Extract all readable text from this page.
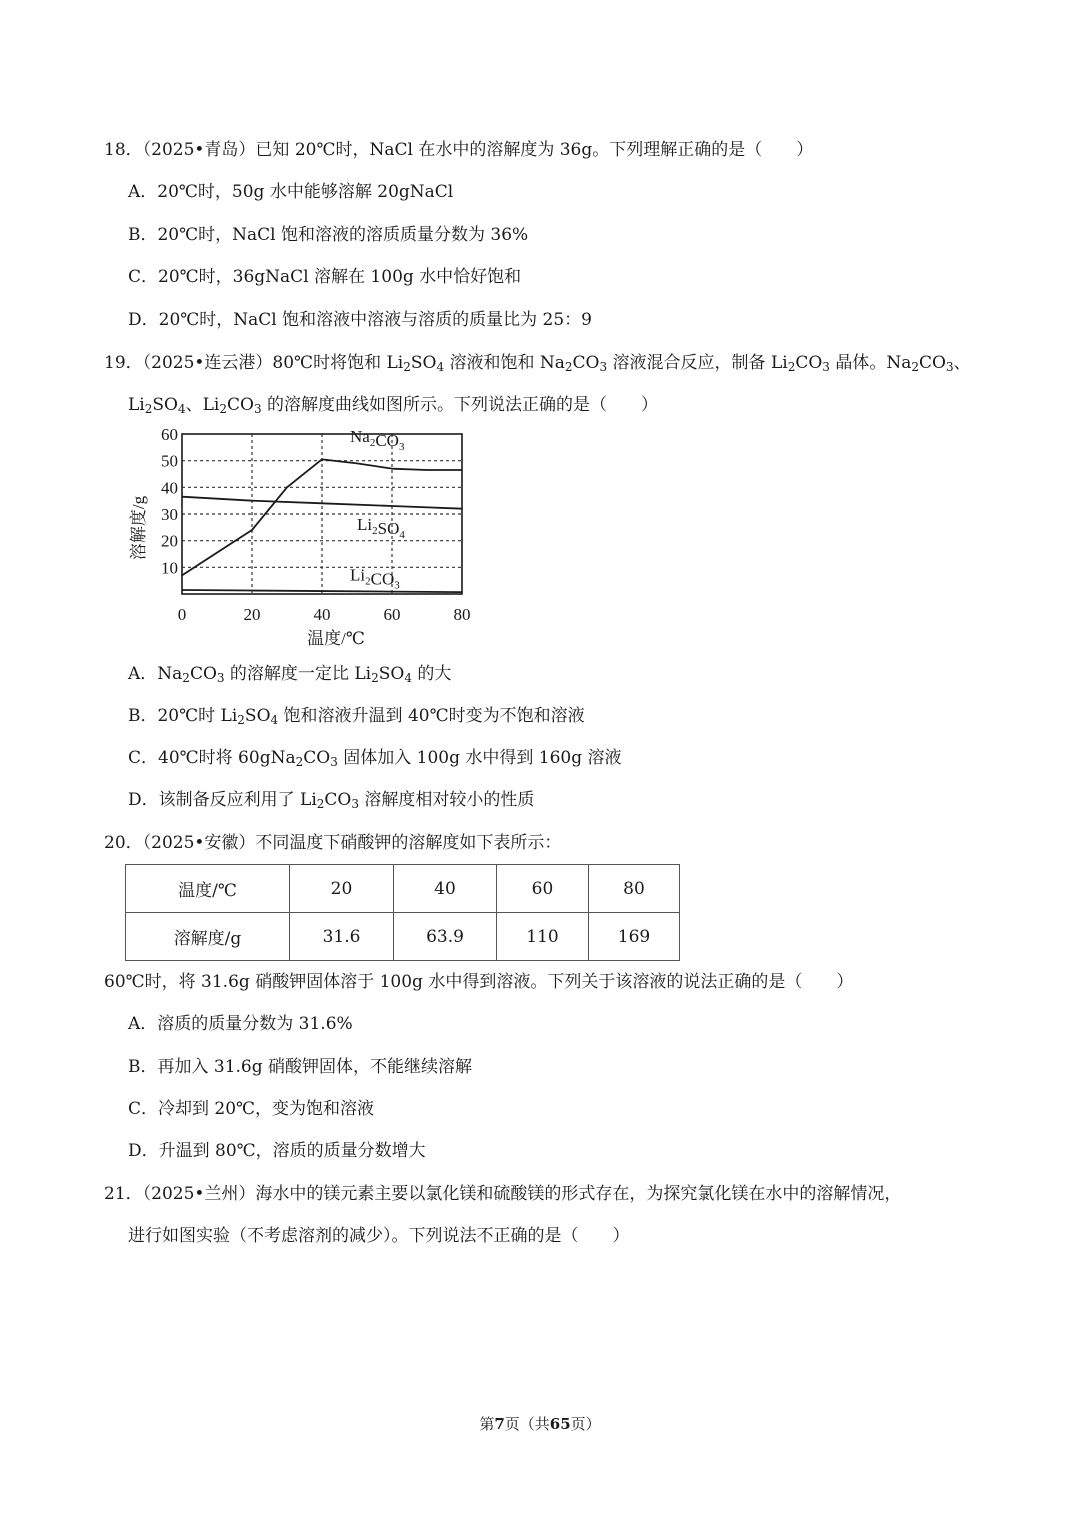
18．（2025•青岛）已知 20℃时，NaCl 在水中的溶解度为 36g。下列理解正确的是（　　）
A．20℃时，50g 水中能够溶解 20gNaCl
B．20℃时，NaCl 饱和溶液的溶质质量分数为 36%
C．20℃时，36gNaCl 溶解在 100g 水中恰好饱和
D．20℃时，NaCl 饱和溶液中溶液与溶质的质量比为 25：9
19．（2025•连云港）80℃时将饱和 $Li_2SO_4$ 溶液和饱和 $Na_2CO_3$ 溶液混合反应，制备 $Li_2CO_3$ 晶体。$Na_2CO_3$、
$Li_2SO_4$、$Li_2CO_3$ 的溶解度曲线如图所示。下列说法正确的是（　　）
10
20
30
40
50
60
0	20	40	60	80
温度/℃
溶解度/g
$Na_2CO_3$
$Li_2SO_4$
$Li_2CO_3$
A．$Na_2CO_3$ 的溶解度一定比 $Li_2SO_4$ 的大
B．20℃时 $Li_2SO_4$ 饱和溶液升温到 40℃时变为不饱和溶液
C．40℃时将 $60gNa_2CO_3$ 固体加入 100g 水中得到 160g 溶液
D．该制备反应利用了 $Li_2CO_3$ 溶解度相对较小的性质
20．（2025•安徽）不同温度下硝酸钾的溶解度如下表所示：
温度/℃	20	40	60	80
溶解度/g	31.6	63.9	110	169
60℃时，将 31.6g 硝酸钾固体溶于 100g 水中得到溶液。下列关于该溶液的说法正确的是（　　）
A．溶质的质量分数为 31.6%
B．再加入 31.6g 硝酸钾固体，不能继续溶解
C．冷却到 20℃，变为饱和溶液
D．升温到 80℃，溶质的质量分数增大
21．（2025•兰州）海水中的镁元素主要以氯化镁和硫酸镁的形式存在，为探究氯化镁在水中的溶解情况，
进行如图实验（不考虑溶剂的减少）。下列说法不正确的是（　　）
第7页（共65页）
